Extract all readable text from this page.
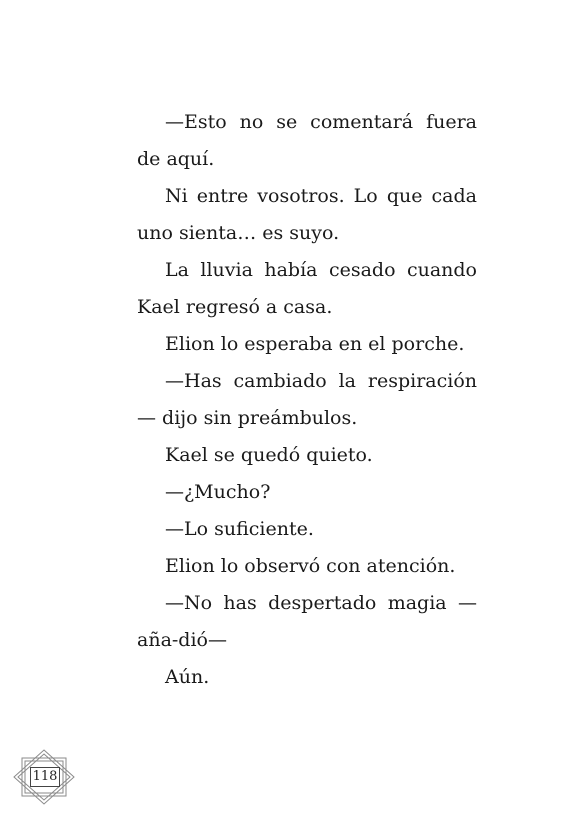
—Esto no se comentará fuera de aquí.

Ni entre vosotros. Lo que cada uno sienta… es suyo.

La lluvia había cesado cuando Kael regresó a casa.

Elion lo esperaba en el porche.

—Has cambiado la respiración — dijo sin preámbulos.

Kael se quedó quieto.

—¿Mucho?

—Lo suficiente.

Elion lo observó con atención.

—No has despertado magia —aña-dió—

Aún.

118
